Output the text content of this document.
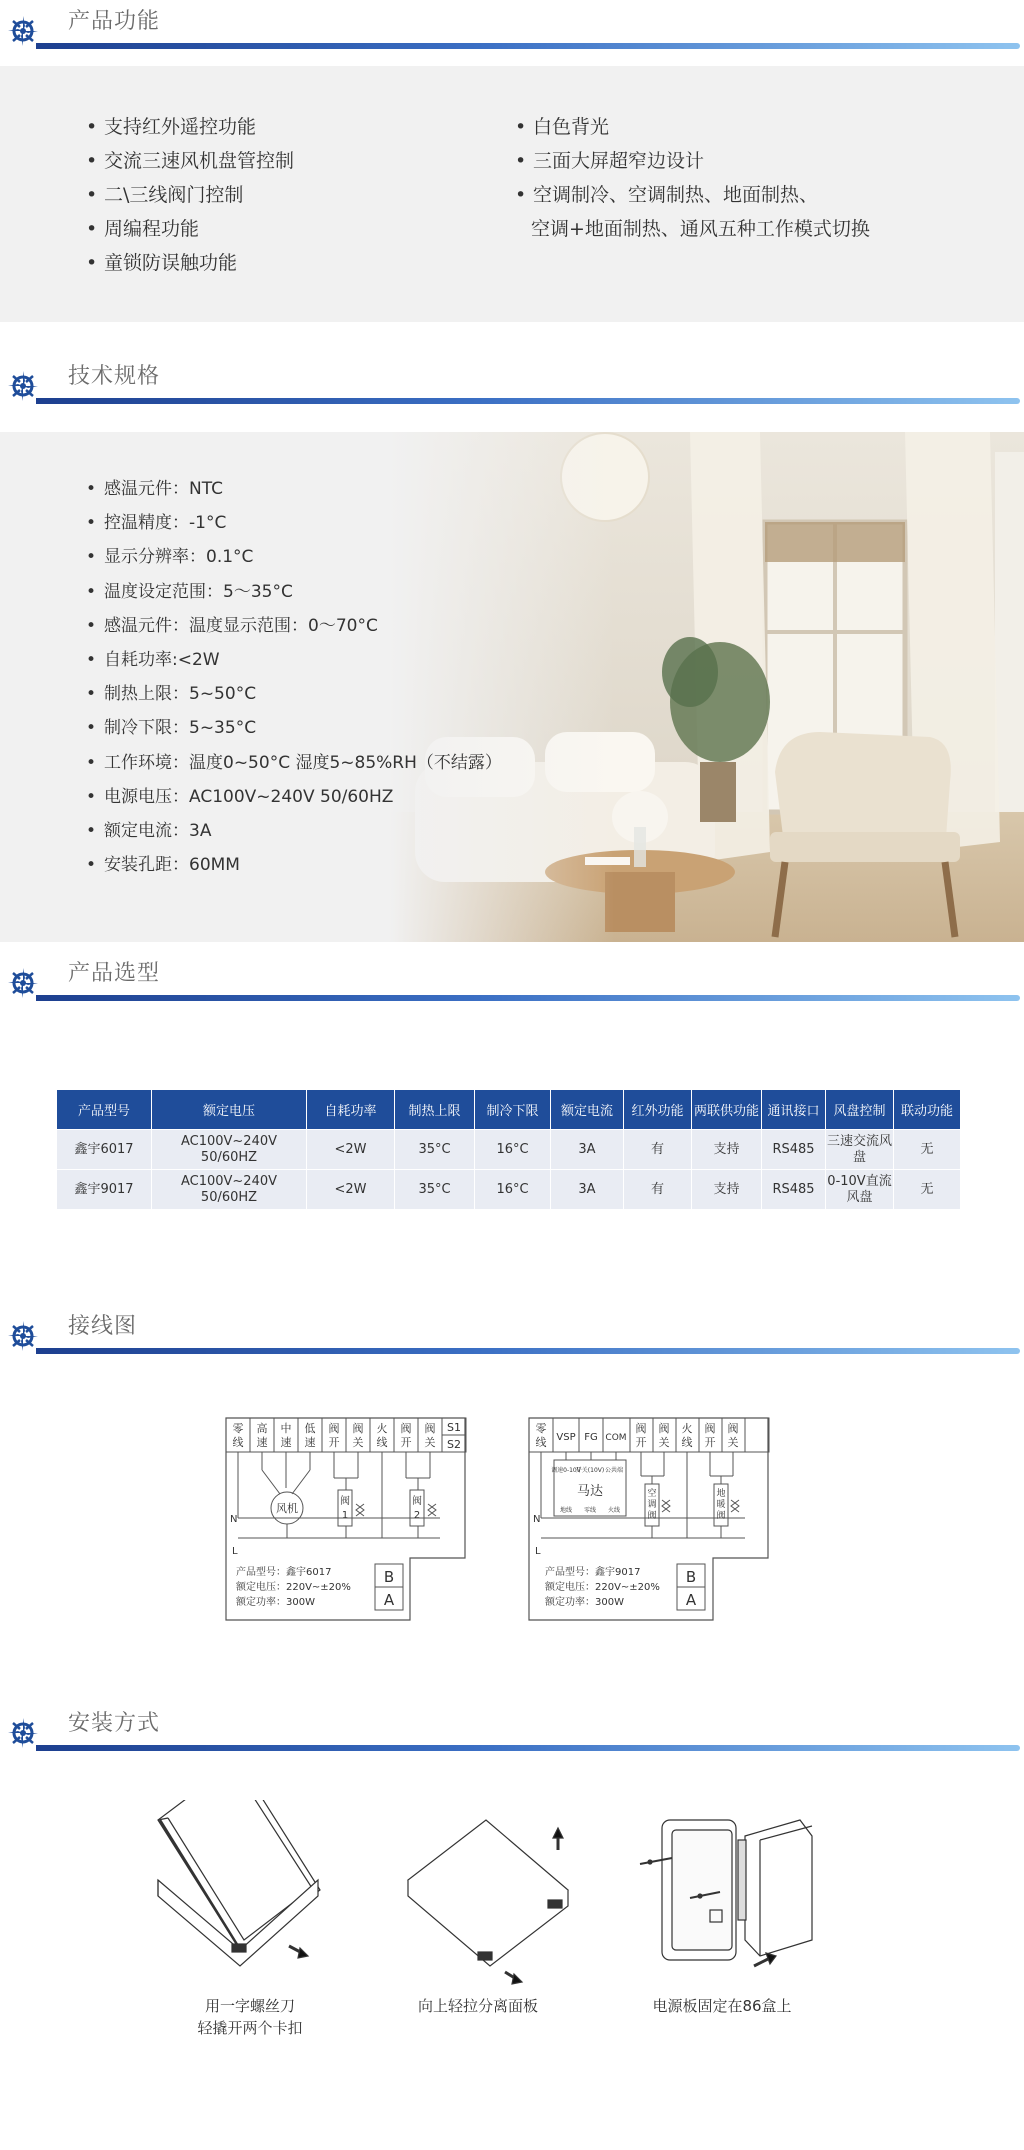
产品功能
• 支持红外遥控功能
• 交流三速风机盘管控制
• 二\三线阀门控制
• 周编程功能
• 童锁防误触功能
• 白色背光
• 三面大屏超窄边设计
• 空调制冷、空调制热、地面制热、
空调+地面制热、通风五种工作模式切换
技术规格
• 感温元件：NTC
• 控温精度：-1°C
• 显示分辨率：0.1°C
• 温度设定范围：5～35°C
• 感温元件：温度显示范围：0～70°C
• 自耗功率:<2W
• 制热上限：5~50°C
• 制冷下限：5~35°C
• 工作环境：温度0~50°C 湿度5~85%RH（不结露）
• 电源电压：AC100V~240V 50/60HZ
• 额定电流：3A
• 安装孔距：60MM
产品选型
产品型号	额定电压	自耗功率	制热上限	制冷下限	额定电流	红外功能	两联供功能	通讯接口	风盘控制	联动功能
鑫宇6017	AC100V~240V 50/60HZ	<2W	35°C	16°C	3A	有	支持	RS485	三速交流风盘	无
鑫宇9017	AC100V~240V 50/60HZ	<2W	35°C	16°C	3A	有	支持	RS485	0-10V直流风盘	无
接线图
零
线
高
速
中
速
低
速
阀
开
阀
关
火
线
阀
开
阀
关
S1
S2
风机
阀
1
阀
2
N
L
产品型号：鑫宇6017
额定电压：220V~±20%
额定功率：300W
B
A
零
线 VSP FG COM
阀
开
阀
关
火
线
阀
开
阀
关
马达
调速0-10V
开关(10V) 公共端
地线 零线 火线
空
调
阀
地
暖
阀
N
L
产品型号：鑫宇9017
额定电压：220V~±20%
额定功率：300W
B
A
安装方式
用一字螺丝刀
轻撬开两个卡扣
向上轻拉分离面板	电源板固定在86盒上
